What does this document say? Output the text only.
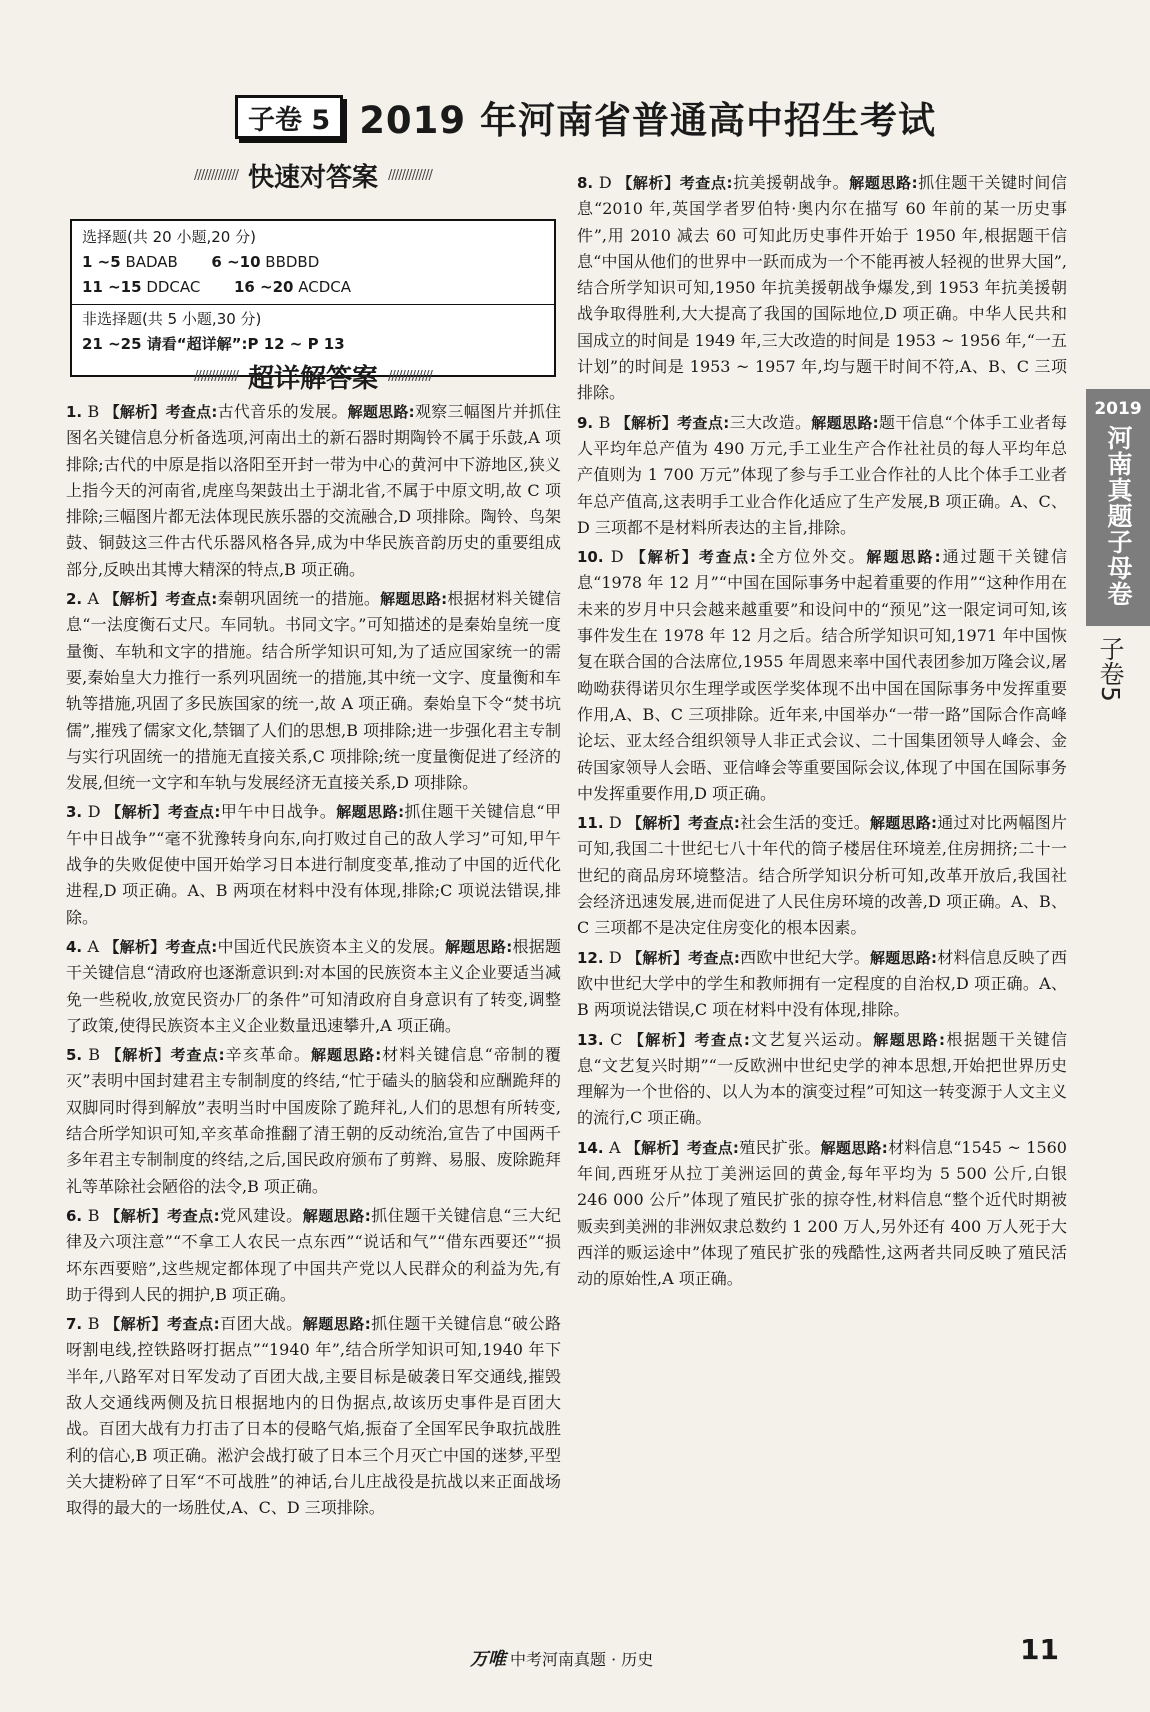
子卷 5 2019 年河南省普通高中招生考试
///////////// 快速对答案 /////////////
选择题(共 20 小题,20 分)
1 ~5 BADAB 6 ~10 BBDBD
11 ~15 DDCAC 16 ~20 ACDCA
非选择题(共 5 小题,30 分)
21 ~25 请看“超详解”:P 12 ~ P 13
///////////// 超详解答案 /////////////

1. B 【解析】考查点:古代音乐的发展。解题思路:观察三幅图片并抓住图名关键信息分析备选项,河南出土的新石器时期陶铃不属于乐鼓,A 项排除;古代的中原是指以洛阳至开封一带为中心的黄河中下游地区,狭义上指今天的河南省,虎座鸟架鼓出土于湖北省,不属于中原文明,故 C 项排除;三幅图片都无法体现民族乐器的交流融合,D 项排除。陶铃、鸟架鼓、铜鼓这三件古代乐器风格各异,成为中华民族音韵历史的重要组成部分,反映出其博大精深的特点,B 项正确。

2. A 【解析】考查点:秦朝巩固统一的措施。解题思路:根据材料关键信息“一法度衡石丈尺。车同轨。书同文字。”可知描述的是秦始皇统一度量衡、车轨和文字的措施。结合所学知识可知,为了适应国家统一的需要,秦始皇大力推行一系列巩固统一的措施,其中统一文字、度量衡和车轨等措施,巩固了多民族国家的统一,故 A 项正确。秦始皇下令“焚书坑儒”,摧残了儒家文化,禁锢了人们的思想,B 项排除;进一步强化君主专制与实行巩固统一的措施无直接关系,C 项排除;统一度量衡促进了经济的发展,但统一文字和车轨与发展经济无直接关系,D 项排除。

3. D 【解析】考查点:甲午中日战争。解题思路:抓住题干关键信息“甲午中日战争”“毫不犹豫转身向东,向打败过自己的敌人学习”可知,甲午战争的失败促使中国开始学习日本进行制度变革,推动了中国的近代化进程,D 项正确。A、B 两项在材料中没有体现,排除;C 项说法错误,排除。

4. A 【解析】考查点:中国近代民族资本主义的发展。解题思路:根据题干关键信息“清政府也逐渐意识到:对本国的民族资本主义企业要适当减免一些税收,放宽民资办厂的条件”可知清政府自身意识有了转变,调整了政策,使得民族资本主义企业数量迅速攀升,A 项正确。

5. B 【解析】考查点:辛亥革命。解题思路:材料关键信息“帝制的覆灭”表明中国封建君主专制制度的终结,“忙于磕头的脑袋和应酬跪拜的双脚同时得到解放”表明当时中国废除了跪拜礼,人们的思想有所转变,结合所学知识可知,辛亥革命推翻了清王朝的反动统治,宣告了中国两千多年君主专制制度的终结,之后,国民政府颁布了剪辫、易服、废除跪拜礼等革除社会陋俗的法令,B 项正确。

6. B 【解析】考查点:党风建设。解题思路:抓住题干关键信息“三大纪律及六项注意”“不拿工人农民一点东西”“说话和气”“借东西要还”“损坏东西要赔”,这些规定都体现了中国共产党以人民群众的利益为先,有助于得到人民的拥护,B 项正确。

7. B 【解析】考查点:百团大战。解题思路:抓住题干关键信息“破公路呀割电线,控铁路呀打据点”“1940 年”,结合所学知识可知,1940 年下半年,八路军对日军发动了百团大战,主要目标是破袭日军交通线,摧毁敌人交通线两侧及抗日根据地内的日伪据点,故该历史事件是百团大战。百团大战有力打击了日本的侵略气焰,振奋了全国军民争取抗战胜利的信心,B 项正确。淞沪会战打破了日本三个月灭亡中国的迷梦,平型关大捷粉碎了日军“不可战胜”的神话,台儿庄战役是抗战以来正面战场取得的最大的一场胜仗,A、C、D 三项排除。

8. D 【解析】考查点:抗美援朝战争。解题思路:抓住题干关键时间信息“2010 年,英国学者罗伯特·奥内尔在描写 60 年前的某一历史事件”,用 2010 减去 60 可知此历史事件开始于 1950 年,根据题干信息“中国从他们的世界中一跃而成为一个不能再被人轻视的世界大国”,结合所学知识可知,1950 年抗美援朝战争爆发,到 1953 年抗美援朝战争取得胜利,大大提高了我国的国际地位,D 项正确。中华人民共和国成立的时间是 1949 年,三大改造的时间是 1953 ~ 1956 年,“一五计划”的时间是 1953 ~ 1957 年,均与题干时间不符,A、B、C 三项排除。

9. B 【解析】考查点:三大改造。解题思路:题干信息“个体手工业者每人平均年总产值为 490 万元,手工业生产合作社社员的每人平均年总产值则为 1 700 万元”体现了参与手工业合作社的人比个体手工业者年总产值高,这表明手工业合作化适应了生产发展,B 项正确。A、C、D 三项都不是材料所表达的主旨,排除。

10. D 【解析】考查点:全方位外交。解题思路:通过题干关键信息“1978 年 12 月”“中国在国际事务中起着重要的作用”“这种作用在未来的岁月中只会越来越重要”和设问中的“预见”这一限定词可知,该事件发生在 1978 年 12 月之后。结合所学知识可知,1971 年中国恢复在联合国的合法席位,1955 年周恩来率中国代表团参加万隆会议,屠呦呦获得诺贝尔生理学或医学奖体现不出中国在国际事务中发挥重要作用,A、B、C 三项排除。近年来,中国举办“一带一路”国际合作高峰论坛、亚太经合组织领导人非正式会议、二十国集团领导人峰会、金砖国家领导人会晤、亚信峰会等重要国际会议,体现了中国在国际事务中发挥重要作用,D 项正确。

11. D 【解析】考查点:社会生活的变迁。解题思路:通过对比两幅图片可知,我国二十世纪七八十年代的筒子楼居住环境差,住房拥挤;二十一世纪的商品房环境整洁。结合所学知识分析可知,改革开放后,我国社会经济迅速发展,进而促进了人民住房环境的改善,D 项正确。A、B、C 三项都不是决定住房变化的根本因素。

12. D 【解析】考查点:西欧中世纪大学。解题思路:材料信息反映了西欧中世纪大学中的学生和教师拥有一定程度的自治权,D 项正确。A、B 两项说法错误,C 项在材料中没有体现,排除。

13. C 【解析】考查点:文艺复兴运动。解题思路:根据题干关键信息“文艺复兴时期”“一反欧洲中世纪史学的神本思想,开始把世界历史理解为一个世俗的、以人为本的演变过程”可知这一转变源于人文主义的流行,C 项正确。

14. A 【解析】考查点:殖民扩张。解题思路:材料信息“1545 ~ 1560 年间,西班牙从拉丁美洲运回的黄金,每年平均为 5 500 公斤,白银 246 000 公斤”体现了殖民扩张的掠夺性,材料信息“整个近代时期被贩卖到美洲的非洲奴隶总数约 1 200 万人,另外还有 400 万人死于大西洋的贩运途中”体现了殖民扩张的残酷性,这两者共同反映了殖民活动的原始性,A 项正确。

2019
河南真题子母卷
子卷5
万唯 中考河南真题 · 历史	11
